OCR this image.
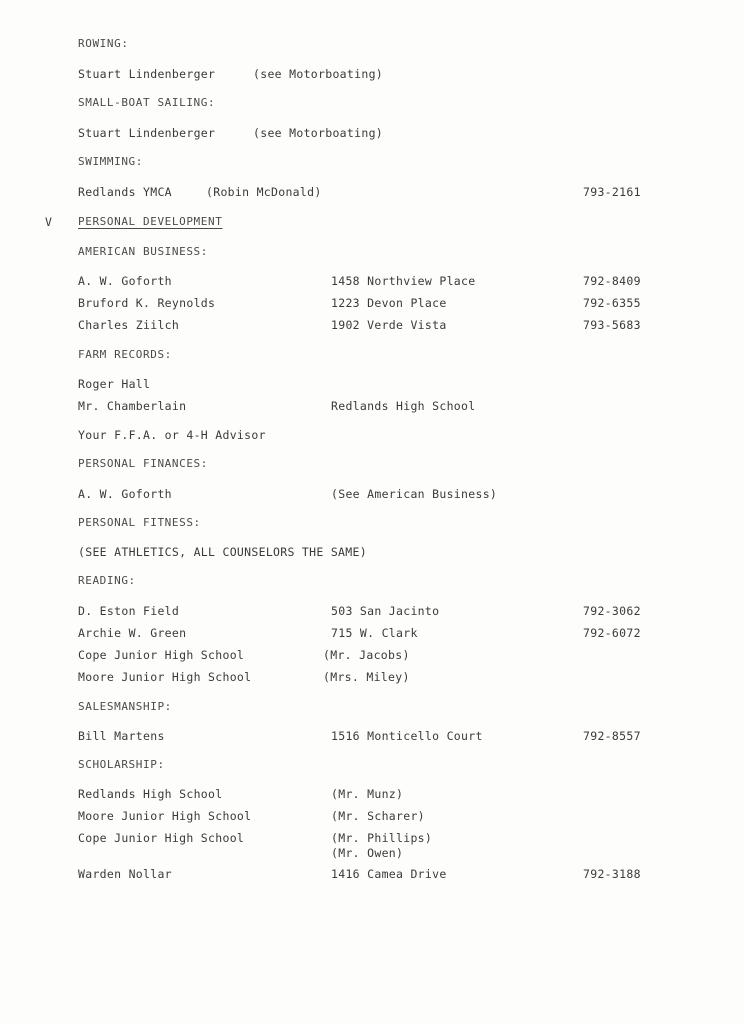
ROWING:
Stuart Lindenberger	(see Motorboating)
SMALL-BOAT SAILING:
Stuart Lindenberger	(see Motorboating)
SWIMMING:
Redlands YMCA	(Robin McDonald)	793-2161
V PERSONAL DEVELOPMENT
AMERICAN BUSINESS:
A. W. Goforth	1458 Northview Place	792-8409
Bruford K. Reynolds	1223 Devon Place	792-6355
Charles Ziilch	1902 Verde Vista	793-5683
FARM RECORDS:
Roger Hall
Mr. Chamberlain	Redlands High School
Your F.F.A. or 4-H Advisor
PERSONAL FINANCES:
A. W. Goforth	(See American Business)
PERSONAL FITNESS:
(SEE ATHLETICS, ALL COUNSELORS THE SAME)
READING:
D. Eston Field	503 San Jacinto	792-3062
Archie W. Green	715 W. Clark	792-6072
Cope Junior High School	(Mr. Jacobs)
Moore Junior High School	(Mrs. Miley)
SALESMANSHIP:
Bill Martens	1516 Monticello Court	792-8557
SCHOLARSHIP:
Redlands High School	(Mr. Munz)
Moore Junior High School	(Mr. Scharer)
Cope Junior High School	(Mr. Phillips)
(Mr. Owen)
Warden Nollar	1416 Camea Drive	792-3188
